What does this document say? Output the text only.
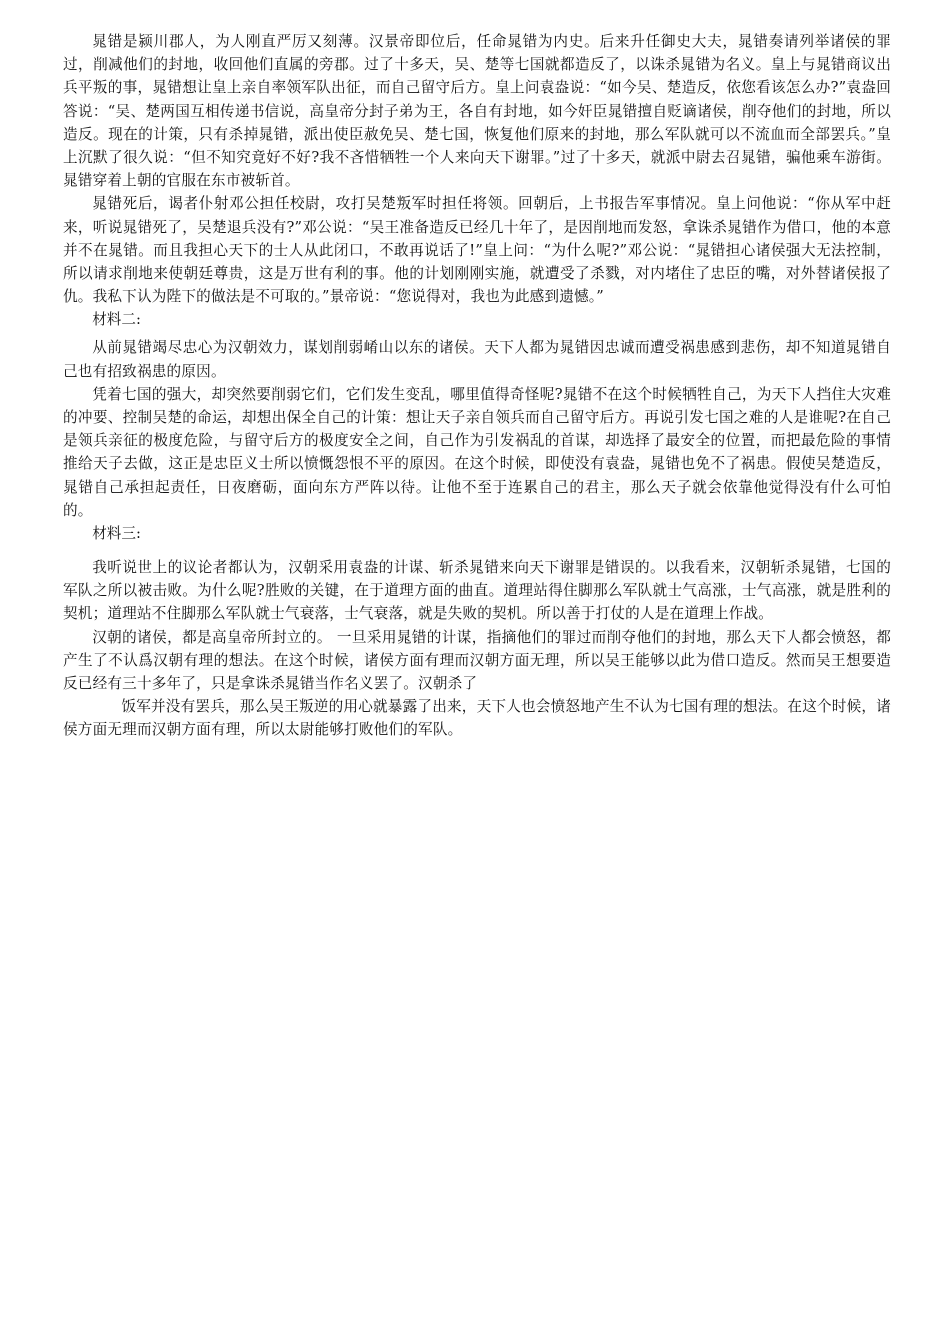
晁错是颍川郡人，为人刚直严厉又刻薄。汉景帝即位后，任命晁错为内史。后来升任御史大夫，晁错奏请列举诸侯的罪过，削减他们的封地，收回他们直属的旁郡。过了十多天，吴、楚等七国就都造反了，以诛杀晁错为名义。皇上与晁错商议出兵平叛的事，晁错想让皇上亲自率领军队出征，而自己留守后方。皇上问袁盎说：“如今吴、楚造反，依您看该怎么办?”袁盎回答说：“吴、楚两国互相传递书信说，高皇帝分封子弟为王，各自有封地，如今奸臣晁错擅自贬谪诸侯，削夺他们的封地，所以造反。现在的计策，只有杀掉晁错，派出使臣赦免吴、楚七国，恢复他们原来的封地，那么军队就可以不流血而全部罢兵。”皇上沉默了很久说：“但不知究竟好不好?我不吝惜牺牲一个人来向天下谢罪。”过了十多天，就派中尉去召晁错，骗他乘车游街。晁错穿着上朝的官服在东市被斩首。

晁错死后，谒者仆射邓公担任校尉，攻打吴楚叛军时担任将领。回朝后，上书报告军事情况。皇上问他说：“你从军中赶来，听说晁错死了，吴楚退兵没有?”邓公说：“吴王准备造反已经几十年了，是因削地而发怒，拿诛杀晁错作为借口，他的本意并不在晁错。而且我担心天下的士人从此闭口，不敢再说话了!”皇上问：“为什么呢?”邓公说：“晁错担心诸侯强大无法控制，所以请求削地来使朝廷尊贵，这是万世有利的事。他的计划刚刚实施，就遭受了杀戮，对内堵住了忠臣的嘴，对外替诸侯报了仇。我私下认为陛下的做法是不可取的。”景帝说：“您说得对，我也为此感到遗憾。”

材料二:

从前晁错竭尽忠心为汉朝效力，谋划削弱崤山以东的诸侯。天下人都为晁错因忠诚而遭受祸患感到悲伤，却不知道晁错自己也有招致祸患的原因。

凭着七国的强大，却突然要削弱它们，它们发生变乱，哪里值得奇怪呢?晁错不在这个时候牺牲自己，为天下人挡住大灾难的冲要、控制吴楚的命运，却想出保全自己的计策：想让天子亲自领兵而自己留守后方。再说引发七国之难的人是谁呢?在自己是领兵亲征的极度危险，与留守后方的极度安全之间，自己作为引发祸乱的首谋，却选择了最安全的位置，而把最危险的事情推给天子去做，这正是忠臣义士所以愤慨怨恨不平的原因。在这个时候，即使没有袁盎，晁错也免不了祸患。假使吴楚造反，晁错自己承担起责任，日夜磨砺，面向东方严阵以待。让他不至于连累自己的君主，那么天子就会依靠他觉得没有什么可怕的。

材料三:

我听说世上的议论者都认为，汉朝采用袁盎的计谋、斩杀晁错来向天下谢罪是错误的。以我看来，汉朝斩杀晁错，七国的军队之所以被击败。为什么呢?胜败的关键，在于道理方面的曲直。道理站得住脚那么军队就士气高涨，士气高涨，就是胜利的契机；道理站不住脚那么军队就士气衰落，士气衰落，就是失败的契机。所以善于打仗的人是在道理上作战。

汉朝的诸侯，都是高皇帝所封立的。 一旦采用晁错的计谋，指摘他们的罪过而削夺他们的封地，那么天下人都会愤怒，都产生了不认爲汉朝有理的想法。在这个时候，诸侯方面有理而汉朝方面无理，所以吴王能够以此为借口造反。然而吴王想要造反已经有三十多年了，只是拿诛杀晁错当作名义罢了。汉朝杀了

饭军并没有罢兵，那么吴王叛逆的用心就暴露了出来，天下人也会愤怒地产生不认为七国有理的想法。在这个时候，诸侯方面无理而汉朝方面有理，所以太尉能够打败他们的军队。
